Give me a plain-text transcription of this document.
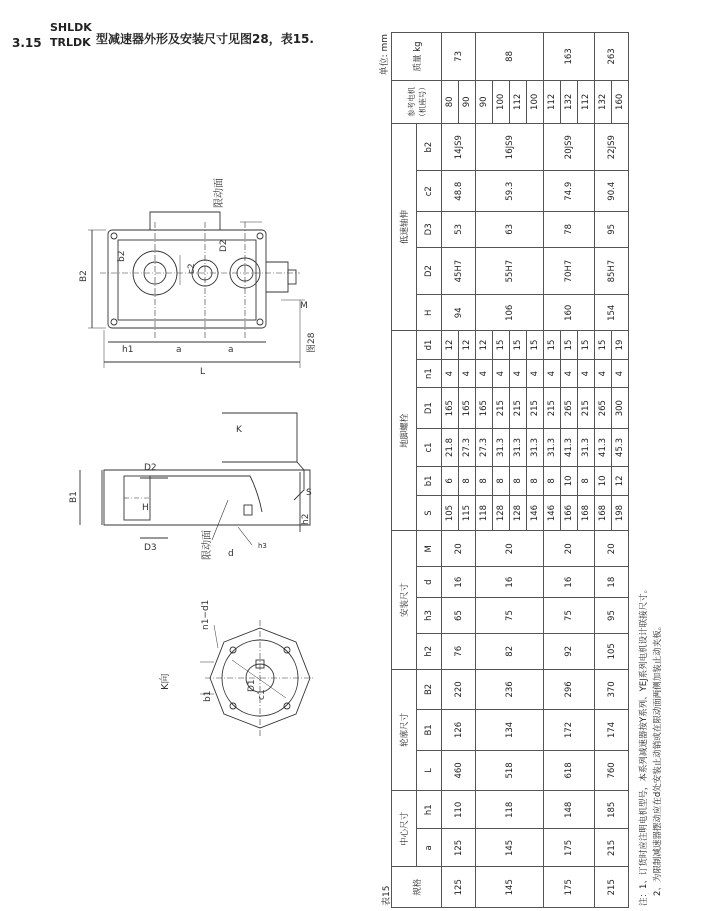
3.15
SHLDK
TRLDK 型减速器外形及安装尺寸见图28，表15.
B2
b2
c2
D2
h1	a	a
L
M
限动面
图28
K
B1
D2
H
D3
S
h2
d
限动面	h3
n1−d1
D1
c1
b1
K向
表15
单位: mm
规格	中心尺寸		轮廓尺寸			安装尺寸				地脚螺栓						低速轴伸					参考电机（机座号）	质量 kg
	a	h1	L	B1	B2	h2	h3	d	M	S	b1	c1	D1	n1	d1	H	D2	D3	c2	b2		
125	125	110	460	126	220	76	65	16	20	105	6	21.8	165	4	12	94	45H7	53	48.8	14JS9	80	73
										115	8	27.3	165	4	12						90	
145	145	118	518	134	236	82	75	16	20	118	8	27.3	165	4	12	106	55H7	63	59.3	16JS9	90	88
										128	8	31.3	215	4	15						100	
										128	8	31.3	215	4	15						112	
										146	8	31.3	215	4	15						100	
175	175	148	618	172	296	92	75	16	20	146	8	31.3	215	4	15	160	70H7	78	74.9	20JS9	112	163
										166	10	41.3	265	4	15						132	
										168	8	31.3	215	4	15						112	
215	215	185	760	174	370	105	95	18	20	168	10	41.3	265	4	15	154	85H7	95	90.4	22JS9	132	263
										198	12	45.3	300	4	19						160	
注：1、订货时应注明电机型号，本系列减速器按Y系列、YEJ系列电机设计联接尺寸。 2、为限制减速器摆动应在d处安装止动销或在限动面两侧加装止动夹板。
